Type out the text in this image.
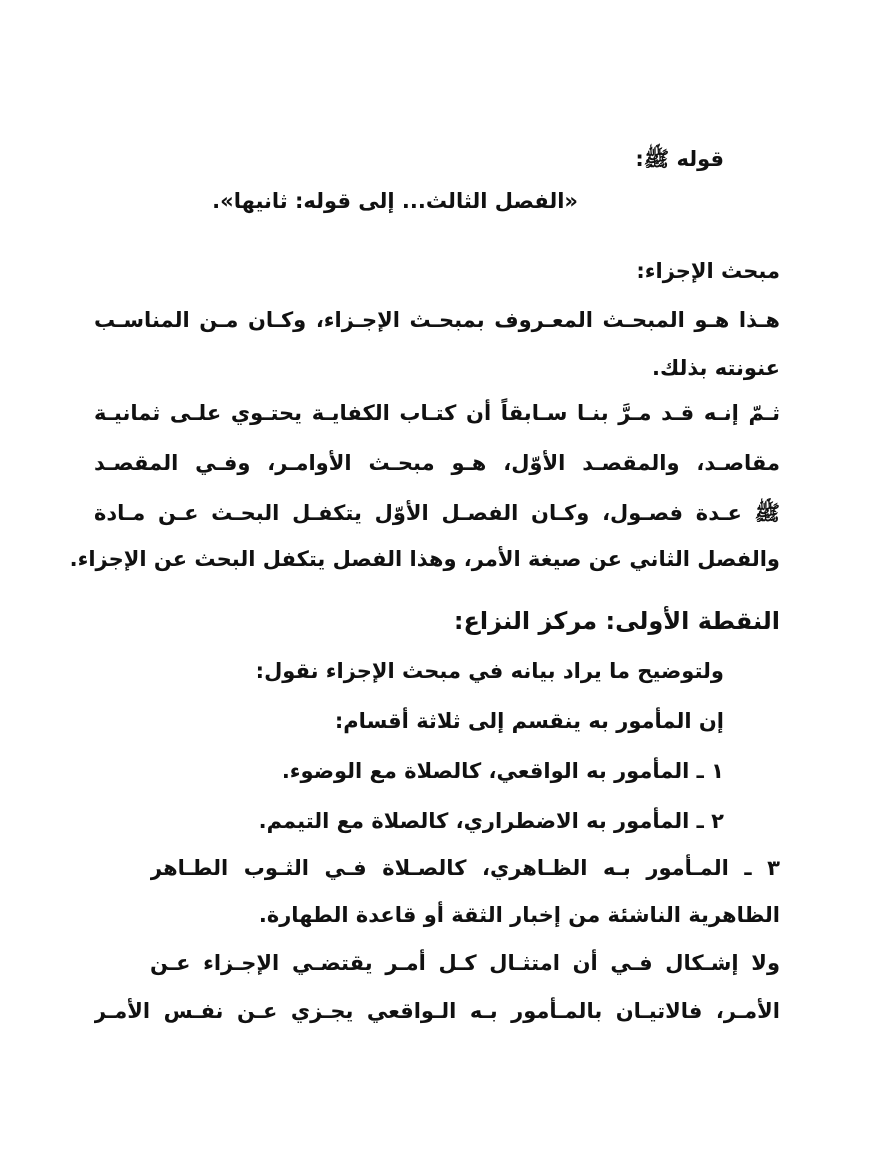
قوله ﷺ:
«الفصل الثالث... إلى قوله: ثانيها».
مبحث الإجزاء:
هـذا هـو المبحـث المعـروف بمبحـث الإجـزاء، وكـان مـن المناسـب
عنونته بذلك.
ثـمّ إنـه قـد مـرَّ بنـا سـابقاً أن كتـاب الكفايـة يحتـوي علـى ثمانيـة
مقاصـد، والمقصـد الأوّل، هـو مبحـث الأوامـر، وفـي المقصـد
ﷺ عـدة فصـول، وكـان الفصـل الأوّل يتكفـل البحـث عـن مـادة
والفصل الثاني عن صيغة الأمر، وهذا الفصل يتكفل البحث عن الإجزاء.
النقطة الأولى: مركز النزاع:
ولتوضيح ما يراد بيانه في مبحث الإجزاء نقول:
إن المأمور به ينقسم إلى ثلاثة أقسام:
١ ـ المأمور به الواقعي، كالصلاة مع الوضوء.
٢ ـ المأمور به الاضطراري، كالصلاة مع التيمم.
٣ ـ المـأمور بـه الظـاهري، كالصـلاة فـي الثـوب الطـاهر
الظاهرية الناشئة من إخبار الثقة أو قاعدة الطهارة.
ولا إشـكال فـي أن امتثـال كـل أمـر يقتضـي الإجـزاء عـن
الأمـر، فالاتيـان بالمـأمور بـه الـواقعي يجـزي عـن نفـس الأمـر
